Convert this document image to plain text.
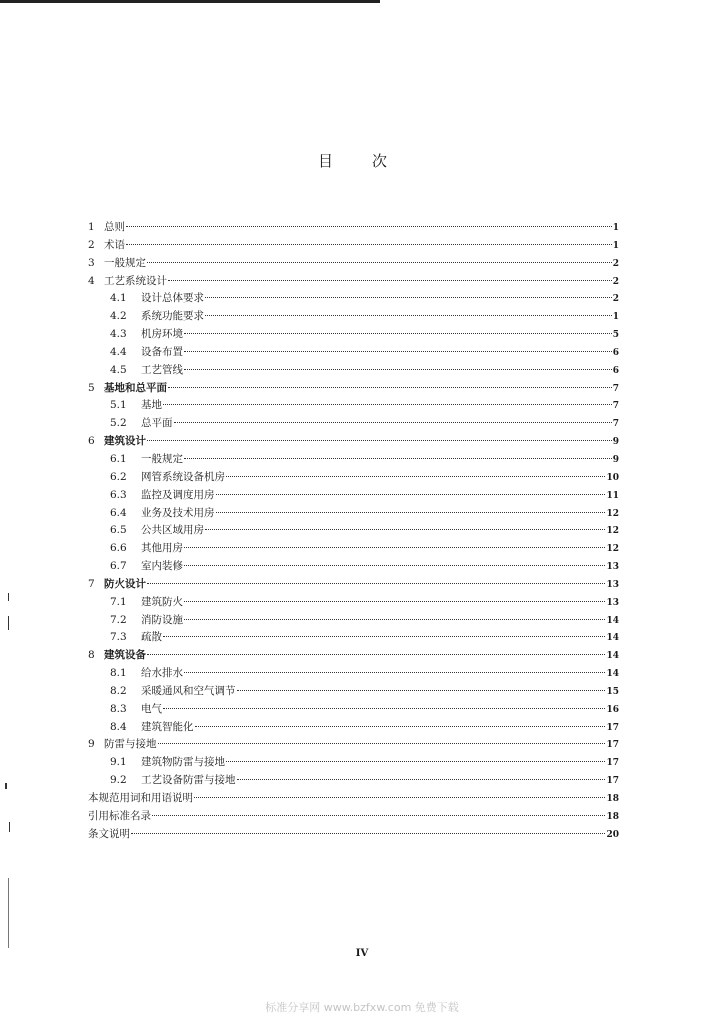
目	次
1 总则	1
2 术语	1
3 一般规定	2
4 工艺系统设计	2
4.1	设计总体要求	2
4.2	系统功能要求	1
4.3	机房环境	5
4.4	设备布置	6
4.5	工艺管线	6
5 基地和总平面	7
5.1	基地	7
5.2	总平面	7
6 建筑设计	9
6.1	一般规定	9
6.2	网管系统设备机房	10
6.3	监控及调度用房	11
6.4	业务及技术用房	12
6.5	公共区域用房	12
6.6	其他用房	12
6.7	室内装修	13
7 防火设计	13
7.1	建筑防火	13
7.2	消防设施	14
7.3	疏散	14
8 建筑设备	14
8.1	给水排水	14
8.2	采暖通风和空气调节	15
8.3	电气	16
8.4	建筑智能化	17
9 防雷与接地	17
9.1	建筑物防雷与接地	17
9.2	工艺设备防雷与接地	17
本规范用词和用语说明	18
引用标准名录	18
条文说明	20
IV
标准分享网 www.bzfxw.com 免费下载
